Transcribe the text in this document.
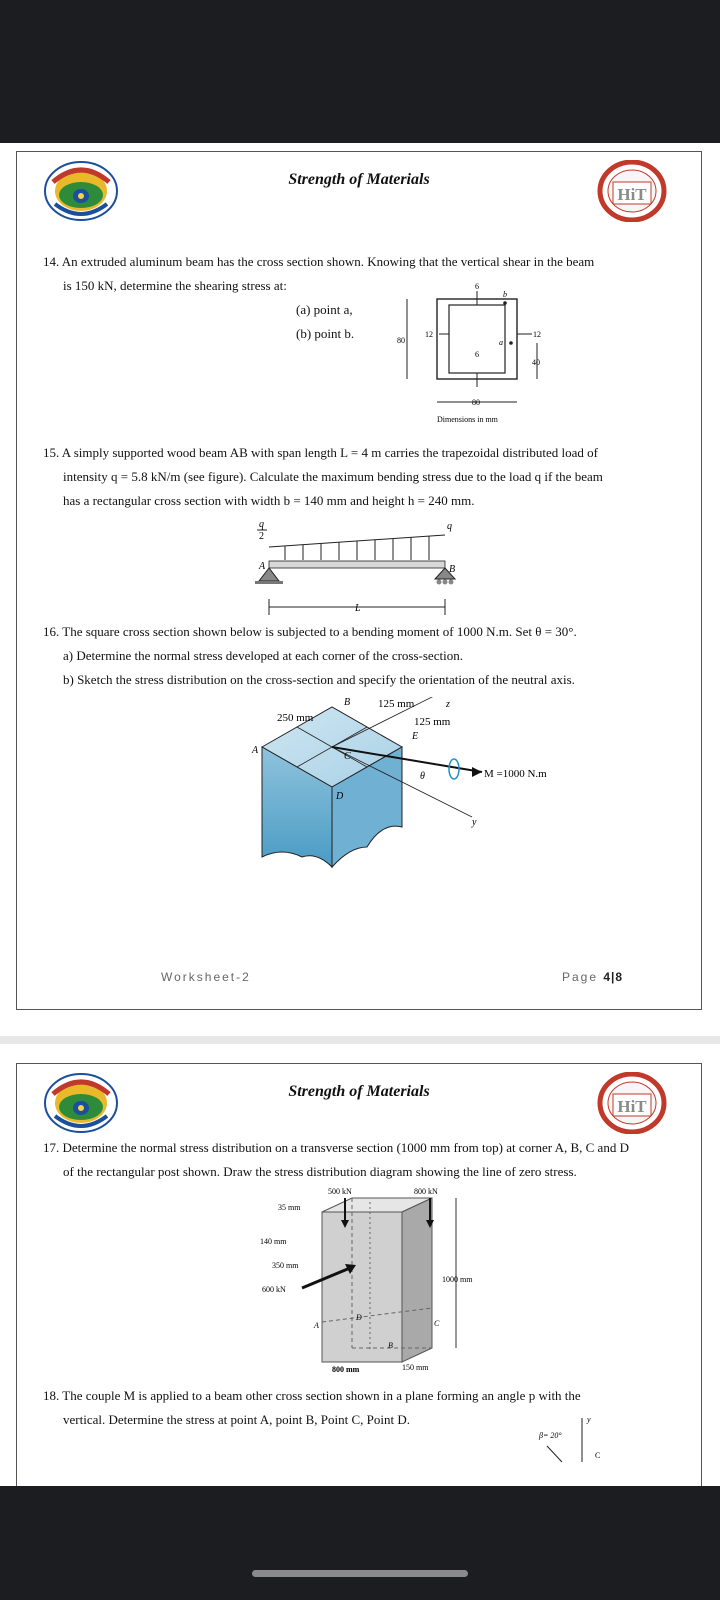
Strength of Materials
HiT
14. An extruded aluminum beam has the cross section shown. Knowing that the vertical shear in the beam

is 150 kN, determine the shearing stress at:
(a) point a,
(b) point b.
6
b
12	12
80	a
6
40
80
Dimensions in mm
15. A simply supported wood beam AB with span length L = 4 m carries the trapezoidal distributed load of

intensity q = 5.8 kN/m (see figure). Calculate the maximum bending stress due to the load q if the beam
has a rectangular cross section with width b = 140 mm and height h = 240 mm.
q
2
q
A	B
L
16. The square cross section shown below is subjected to a bending moment of 1000 N.m. Set θ = 30°.

a) Determine the normal stress developed at each corner of the cross-section.
b) Sketch the stress distribution on the cross-section and specify the orientation of the neutral axis.
B	125 mm
250 mm	125 mm
z
E
A
C
θ	M =1000 N.m
D
y
Worksheet-2	Page 4|8
Strength of Materials
HiT
17. Determine the normal stress distribution on a transverse section (1000 mm from top) at corner A, B, C and D

of the rectangular post shown. Draw the stress distribution diagram showing the line of zero stress.
500 kN	800 kN
35 mm
140 mm
350 mm
600 kN
1000 mm
A
B
C
D
800 mm	150 mm
18. The couple M is applied to a beam other cross section shown in a plane forming an angle p with the

vertical. Determine the stress at point A, point B, Point C, Point D.	y
β= 20°
C
